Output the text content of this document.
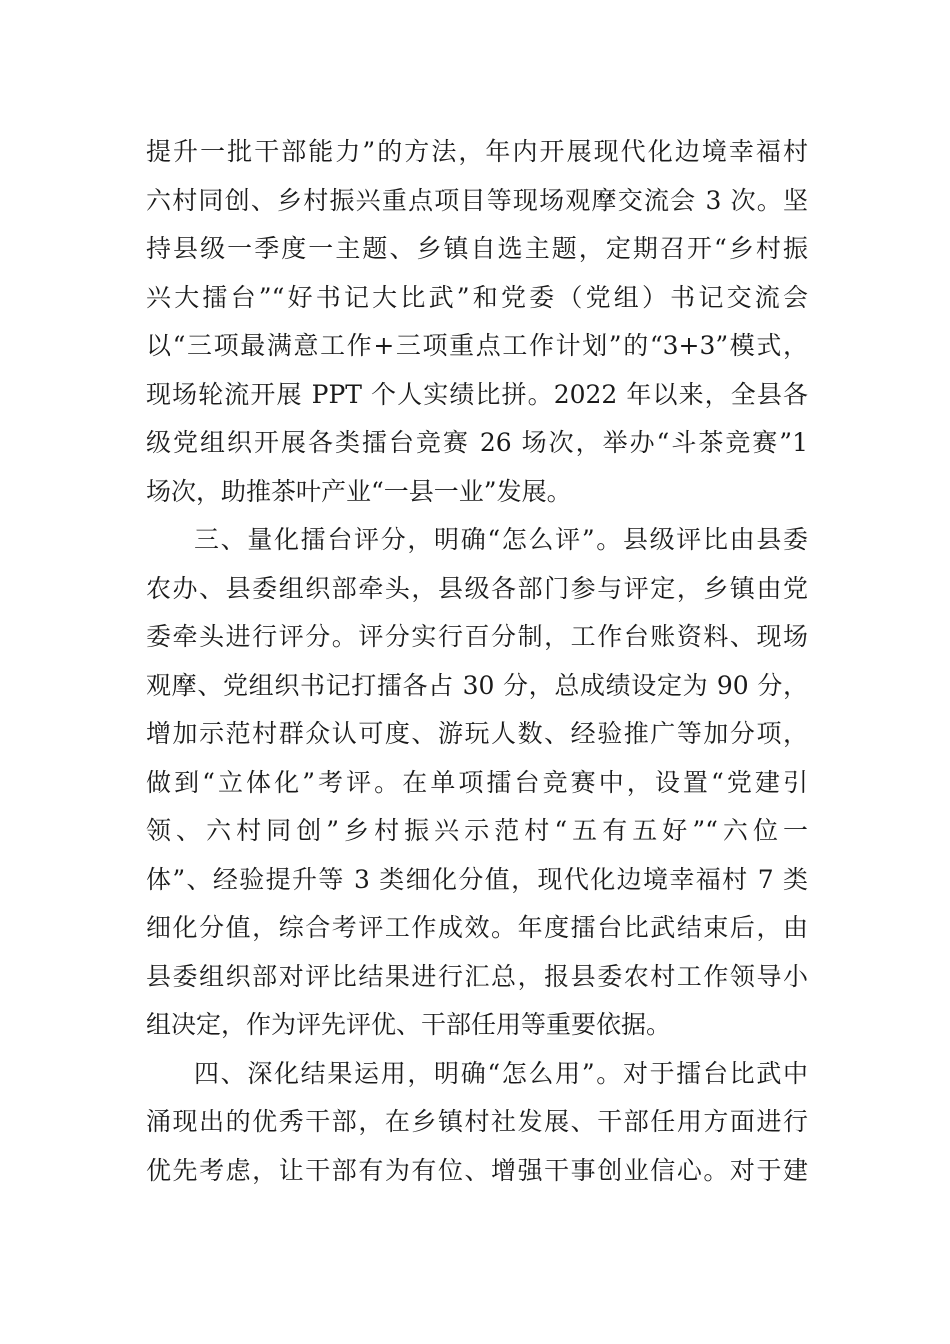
提升一批干部能力”的方法，年内开展现代化边境幸福村
六村同创、乡村振兴重点项目等现场观摩交流会 3 次。坚
持县级一季度一主题、乡镇自选主题，定期召开“乡村振
兴大擂台”“好书记大比武”和党委（党组）书记交流会
以“三项最满意工作+三项重点工作计划”的“3+3”模式，
现场轮流开展 PPT 个人实绩比拼。2022 年以来，全县各
级党组织开展各类擂台竞赛 26 场次，举办“斗茶竞赛”1
场次，助推茶叶产业“一县一业”发展。
三、量化擂台评分，明确“怎么评”。县级评比由县委
农办、县委组织部牵头，县级各部门参与评定，乡镇由党
委牵头进行评分。评分实行百分制，工作台账资料、现场
观摩、党组织书记打擂各占 30 分，总成绩设定为 90 分，
增加示范村群众认可度、游玩人数、经验推广等加分项，
做到“立体化”考评。在单项擂台竞赛中，设置“党建引
领、六村同创”乡村振兴示范村“五有五好”“六位一
体”、经验提升等 3 类细化分值，现代化边境幸福村 7 类
细化分值，综合考评工作成效。年度擂台比武结束后，由
县委组织部对评比结果进行汇总，报县委农村工作领导小
组决定，作为评先评优、干部任用等重要依据。
四、深化结果运用，明确“怎么用”。对于擂台比武中
涌现出的优秀干部，在乡镇村社发展、干部任用方面进行
优先考虑，让干部有为有位、增强干事创业信心。对于建
